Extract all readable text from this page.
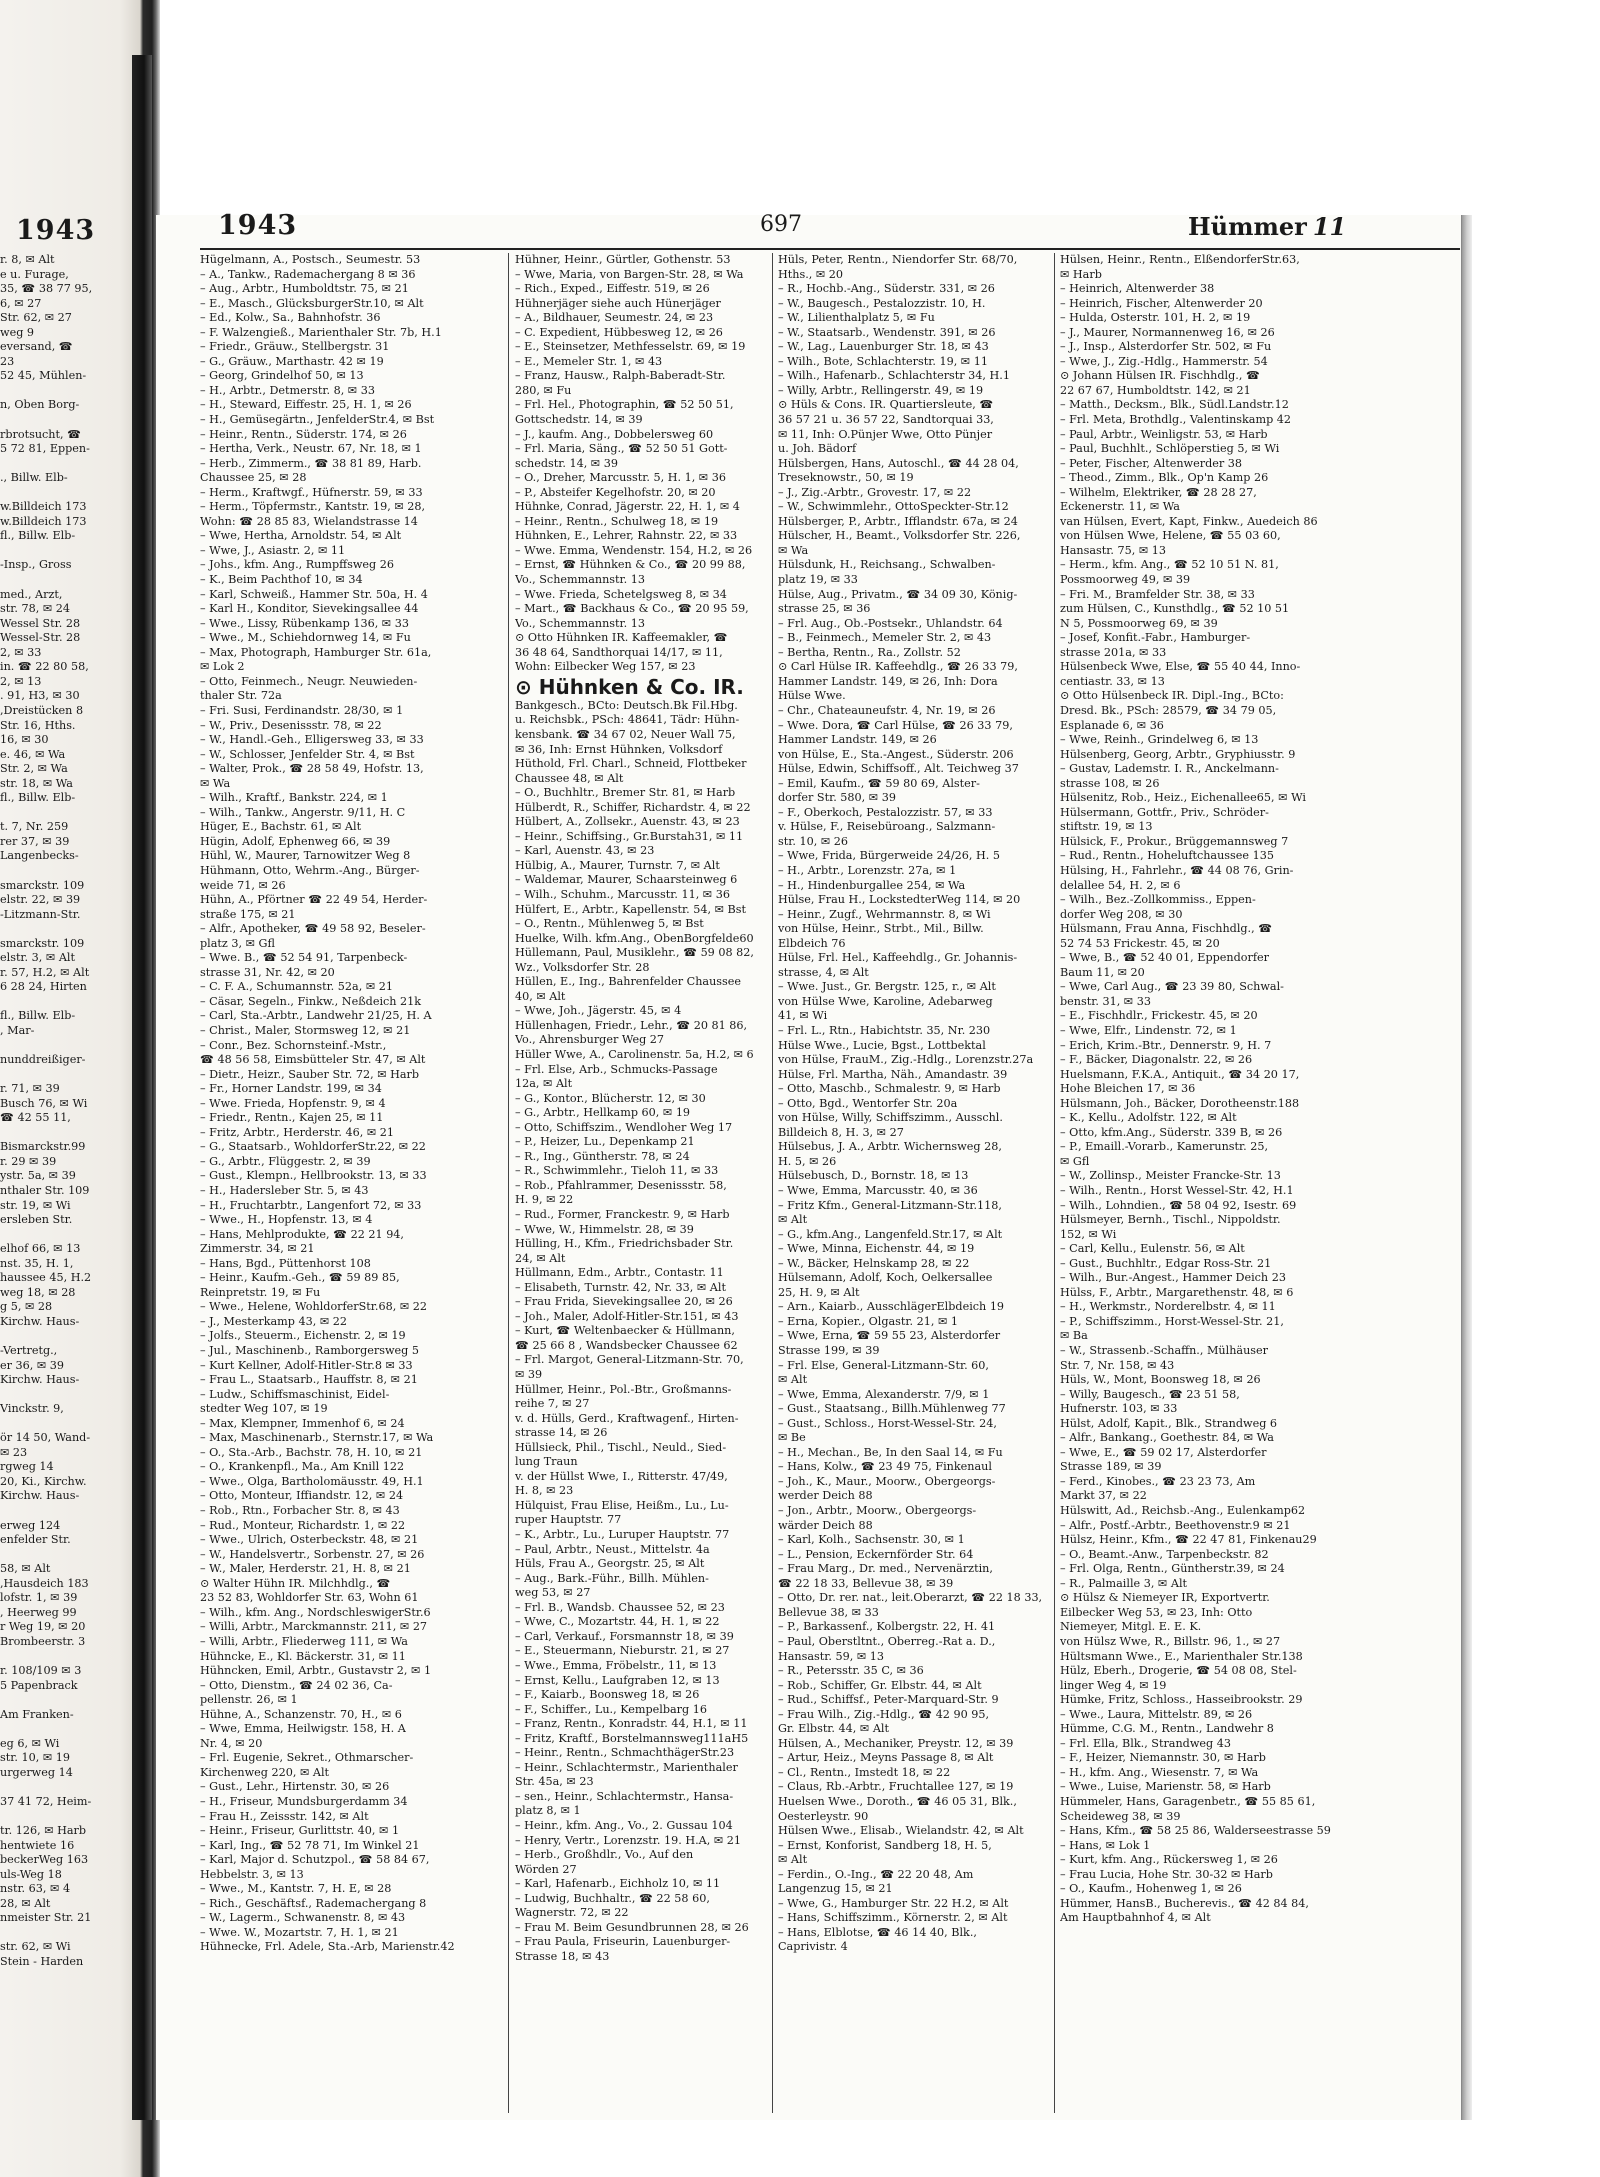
1943
r. 8, ✉ Alt
e u. Furage,
35, ☎ 38 77 95,
6, ✉ 27
Str. 62, ✉ 27
weg 9
eversand, ☎
23
52 45, Mühlen-
n, Oben Borg-
rbrotsucht, ☎
5 72 81, Eppen-
., Billw. Elb-
w.Billdeich 173
w.Billdeich 173
fl., Billw. Elb-
-Insp., Gross
med., Arzt,
str. 78, ✉ 24
Wessel Str. 28
Wessel-Str. 28
2, ✉ 33
in. ☎ 22 80 58,
2, ✉ 13
. 91, H3, ✉ 30
,Dreistücken 8
Str. 16, Hths.
16, ✉ 30
e. 46, ✉ Wa
Str. 2, ✉ Wa
str. 18, ✉ Wa
fl., Billw. Elb-
t. 7, Nr. 259
rer 37, ✉ 39
Langenbecks-
smarckstr. 109
elstr. 22, ✉ 39
-Litzmann-Str.
smarckstr. 109
elstr. 3, ✉ Alt
r. 57, H.2, ✉ Alt
6 28 24, Hirten
fl., Billw. Elb-
, Mar-
nunddreißiger-
r. 71, ✉ 39
Busch 76, ✉ Wi
☎ 42 55 11,
Bismarckstr.99
r. 29 ✉ 39
ystr. 5a, ✉ 39
nthaler Str. 109
str. 19, ✉ Wi
ersleben Str.
elhof 66, ✉ 13
nst. 35, H. 1,
haussee 45, H.2
weg 18, ✉ 28
g 5, ✉ 28
Kirchw. Haus-
-Vertretg.,
er 36, ✉ 39
Kirchw. Haus-
Vinckstr. 9,
ör 14 50, Wand-
✉ 23
rgweg 14
20, Ki., Kirchw.
Kirchw. Haus-
erweg 124
enfelder Str.
58, ✉ Alt
,Hausdeich 183
lofstr. 1, ✉ 39
, Heerweg 99
r Weg 19, ✉ 20
Brombeerstr. 3
r. 108/109 ✉ 3
5 Papenbrack
Am Franken-
eg 6, ✉ Wi
str. 10, ✉ 19
urgerweg 14
37 41 72, Heim-
tr. 126, ✉ Harb
hentwiete 16
beckerWeg 163
uls-Weg 18
nstr. 63, ✉ 4
28, ✉ Alt
nmeister Str. 21
str. 62, ✉ Wi
Stein - Harden
1943	697	Hümmer 11
Hügelmann, A., Postsch., Seumestr. 53
– A., Tankw., Rademachergang 8 ✉ 36
– Aug., Arbtr., Humboldtstr. 75, ✉ 21
– E., Masch., GlücksburgerStr.10, ✉ Alt
– Ed., Kolw., Sa., Bahnhofstr. 36
– F. Walzengieß., Marienthaler Str. 7b, H.1
– Friedr., Gräuw., Stellbergstr. 31
– G., Gräuw., Marthastr. 42 ✉ 19
– Georg, Grindelhof 50, ✉ 13
– H., Arbtr., Detmerstr. 8, ✉ 33
– H., Steward, Eiffestr. 25, H. 1, ✉ 26
– H., Gemüsegärtn., JenfelderStr.4, ✉ Bst
– Heinr., Rentn., Süderstr. 174, ✉ 26
– Hertha, Verk., Neustr. 67, Nr. 18, ✉ 1
– Herb., Zimmerm., ☎ 38 81 89, Harb.
Chaussee 25, ✉ 28
– Herm., Kraftwgf., Hüfnerstr. 59, ✉ 33
– Herm., Töpfermstr., Kantstr. 19, ✉ 28,
Wohn: ☎ 28 85 83, Wielandstrasse 14
– Wwe, Hertha, Arnoldstr. 54, ✉ Alt
– Wwe, J., Asiastr. 2, ✉ 11
– Johs., kfm. Ang., Rumpffsweg 26
– K., Beim Pachthof 10, ✉ 34
– Karl, Schweiß., Hammer Str. 50a, H. 4
– Karl H., Konditor, Sievekingsallee 44
– Wwe., Lissy, Rübenkamp 136, ✉ 33
– Wwe., M., Schiehdornweg 14, ✉ Fu
– Max, Photograph, Hamburger Str. 61a,
✉ Lok 2
– Otto, Feinmech., Neugr. Neuwieden-
thaler Str. 72a
– Fri. Susi, Ferdinandstr. 28/30, ✉ 1
– W., Priv., Desenissstr. 78, ✉ 22
– W., Handl.-Geh., Elligersweg 33, ✉ 33
– W., Schlosser, Jenfelder Str. 4, ✉ Bst
– Walter, Prok., ☎ 28 58 49, Hofstr. 13,
✉ Wa
– Wilh., Kraftf., Bankstr. 224, ✉ 1
– Wilh., Tankw., Angerstr. 9/11, H. C
Hüger, E., Bachstr. 61, ✉ Alt
Hügin, Adolf, Ephenweg 66, ✉ 39
Hühl, W., Maurer, Tarnowitzer Weg 8
Hühmann, Otto, Wehrm.-Ang., Bürger-
weide 71, ✉ 26
Hühn, A., Pförtner ☎ 22 49 54, Herder-
straße 175, ✉ 21
– Alfr., Apotheker, ☎ 49 58 92, Beseler-
platz 3, ✉ Gfl
– Wwe. B., ☎ 52 54 91, Tarpenbeck-
strasse 31, Nr. 42, ✉ 20
– C. F. A., Schumannstr. 52a, ✉ 21
– Cäsar, Segeln., Finkw., Neßdeich 21k
– Carl, Sta.-Arbtr., Landwehr 21/25, H. A
– Christ., Maler, Stormsweg 12, ✉ 21
– Conr., Bez. Schornsteinf.-Mstr.,
☎ 48 56 58, Eimsbütteler Str. 47, ✉ Alt
– Dietr., Heizr., Sauber Str. 72, ✉ Harb
– Fr., Horner Landstr. 199, ✉ 34
– Wwe. Frieda, Hopfenstr. 9, ✉ 4
– Friedr., Rentn., Kajen 25, ✉ 11
– Fritz, Arbtr., Herderstr. 46, ✉ 21
– G., Staatsarb., WohldorferStr.22, ✉ 22
– G., Arbtr., Flüggestr. 2, ✉ 39
– Gust., Klempn., Hellbrookstr. 13, ✉ 33
– H., Hadersleber Str. 5, ✉ 43
– H., Fruchtarbtr., Langenfort 72, ✉ 33
– Wwe., H., Hopfenstr. 13, ✉ 4
– Hans, Mehlprodukte, ☎ 22 21 94,
Zimmerstr. 34, ✉ 21
– Hans, Bgd., Püttenhorst 108
– Heinr., Kaufm.-Geh., ☎ 59 89 85,
Reinpretstr. 19, ✉ Fu
– Wwe., Helene, WohldorferStr.68, ✉ 22
– J., Mesterkamp 43, ✉ 22
– Jolfs., Steuerm., Eichenstr. 2, ✉ 19
– Jul., Maschinenb., Ramborgersweg 5
– Kurt Kellner, Adolf-Hitler-Str.8 ✉ 33
– Frau L., Staatsarb., Hauffstr. 8, ✉ 21
– Ludw., Schiffsmaschinist, Eidel-
stedter Weg 107, ✉ 19
– Max, Klempner, Immenhof 6, ✉ 24
– Max, Maschinenarb., Sternstr.17, ✉ Wa
– O., Sta.-Arb., Bachstr. 78, H. 10, ✉ 21
– O., Krankenpfl., Ma., Am Knill 122
– Wwe., Olga, Bartholomäusstr. 49, H.1
– Otto, Monteur, Iffiandstr. 12, ✉ 24
– Rob., Rtn., Forbacher Str. 8, ✉ 43
– Rud., Monteur, Richardstr. 1, ✉ 22
– Wwe., Ulrich, Osterbeckstr. 48, ✉ 21
– W., Handelsvertr., Sorbenstr. 27, ✉ 26
– W., Maler, Herderstr. 21, H. 8, ✉ 21
⊙ Walter Hühn IR. Milchhdlg., ☎
23 52 83, Wohldorfer Str. 63, Wohn 61
– Wilh., kfm. Ang., NordschleswigerStr.6
– Willi, Arbtr., Marckmannstr. 211, ✉ 27
– Willi, Arbtr., Fliederweg 111, ✉ Wa
Hühncke, E., Kl. Bäckerstr. 31, ✉ 11
Hühncken, Emil, Arbtr., Gustavstr 2, ✉ 1
– Otto, Dienstm., ☎ 24 02 36, Ca-
pellenstr. 26, ✉ 1
Hühne, A., Schanzenstr. 70, H., ✉ 6
– Wwe, Emma, Heilwigstr. 158, H. A
Nr. 4, ✉ 20
– Frl. Eugenie, Sekret., Othmarscher-
Kirchenweg 220, ✉ Alt
– Gust., Lehr., Hirtenstr. 30, ✉ 26
– H., Friseur, Mundsburgerdamm 34
– Frau H., Zeissstr. 142, ✉ Alt
– Heinr., Friseur, Gurlittstr. 40, ✉ 1
– Karl, Ing., ☎ 52 78 71, Im Winkel 21
– Karl, Major d. Schutzpol., ☎ 58 84 67,
Hebbelstr. 3, ✉ 13
– Wwe., M., Kantstr. 7, H. E, ✉ 28
– Rich., Geschäftsf., Rademachergang 8
– W., Lagerm., Schwanenstr. 8, ✉ 43
– Wwe. W., Mozartstr. 7, H. 1, ✉ 21
Hühnecke, Frl. Adele, Sta.-Arb, Marienstr.42
Hühner, Heinr., Gürtler, Gothenstr. 53
– Wwe, Maria, von Bargen-Str. 28, ✉ Wa
– Rich., Exped., Eiffestr. 519, ✉ 26
Hühnerjäger siehe auch Hünerjäger
– A., Bildhauer, Seumestr. 24, ✉ 23
– C. Expedient, Hübbesweg 12, ✉ 26
– E., Steinsetzer, Methfesselstr. 69, ✉ 19
– E., Memeler Str. 1, ✉ 43
– Franz, Hausw., Ralph-Baberadt-Str.
280, ✉ Fu
– Frl. Hel., Photographin, ☎ 52 50 51,
Gottschedstr. 14, ✉ 39
– J., kaufm. Ang., Dobbelersweg 60
– Frl. Maria, Säng., ☎ 52 50 51 Gott-
schedstr. 14, ✉ 39
– O., Dreher, Marcusstr. 5, H. 1, ✉ 36
– P., Absteifer Kegelhofstr. 20, ✉ 20
Hühnke, Conrad, Jägerstr. 22, H. 1, ✉ 4
– Heinr., Rentn., Schulweg 18, ✉ 19
Hühnken, E., Lehrer, Rahnstr. 22, ✉ 33
– Wwe. Emma, Wendenstr. 154, H.2, ✉ 26
– Ernst, ☎ Hühnken & Co., ☎ 20 99 88,
Vo., Schemmannstr. 13
– Wwe. Frieda, Schetelgsweg 8, ✉ 34
– Mart., ☎ Backhaus & Co., ☎ 20 95 59,
Vo., Schemmannstr. 13
⊙ Otto Hühnken IR. Kaffeemakler, ☎
36 48 64, Sandthorquai 14/17, ✉ 11,
Wohn: Eilbecker Weg 157, ✉ 23
⊙ Hühnken & Co. IR.
Bankgesch., BCto: Deutsch.Bk Fil.Hbg.
u. Reichsbk., PSch: 48641, Tädr: Hühn-
kensbank. ☎ 34 67 02, Neuer Wall 75,
✉ 36, Inh: Ernst Hühnken, Volksdorf
Hüthold, Frl. Charl., Schneid, Flottbeker
Chaussee 48, ✉ Alt
– O., Buchhltr., Bremer Str. 81, ✉ Harb
Hülberdt, R., Schiffer, Richardstr. 4, ✉ 22
Hülbert, A., Zollsekr., Auenstr. 43, ✉ 23
– Heinr., Schiffsing., Gr.Burstah31, ✉ 11
– Karl, Auenstr. 43, ✉ 23
Hülbig, A., Maurer, Turnstr. 7, ✉ Alt
– Waldemar, Maurer, Schaarsteinweg 6
– Wilh., Schuhm., Marcusstr. 11, ✉ 36
Hülfert, E., Arbtr., Kapellenstr. 54, ✉ Bst
– O., Rentn., Mühlenweg 5, ✉ Bst
Huelke, Wilh. kfm.Ang., ObenBorgfelde60
Hüllemann, Paul, Musiklehr., ☎ 59 08 82,
Wz., Volksdorfer Str. 28
Hüllen, E., Ing., Bahrenfelder Chaussee
40, ✉ Alt
– Wwe, Joh., Jägerstr. 45, ✉ 4
Hüllenhagen, Friedr., Lehr., ☎ 20 81 86,
Vo., Ahrensburger Weg 27
Hüller Wwe, A., Carolinenstr. 5a, H.2, ✉ 6
– Frl. Else, Arb., Schmucks-Passage
12a, ✉ Alt
– G., Kontor., Blücherstr. 12, ✉ 30
– G., Arbtr., Hellkamp 60, ✉ 19
– Otto, Schiffszim., Wendloher Weg 17
– P., Heizer, Lu., Depenkamp 21
– R., Ing., Güntherstr. 78, ✉ 24
– R., Schwimmlehr., Tieloh 11, ✉ 33
– Rob., Pfahlrammer, Desenissstr. 58,
H. 9, ✉ 22
– Rud., Former, Franckestr. 9, ✉ Harb
– Wwe, W., Himmelstr. 28, ✉ 39
Hülling, H., Kfm., Friedrichsbader Str.
24, ✉ Alt
Hüllmann, Edm., Arbtr., Contastr. 11
– Elisabeth, Turnstr. 42, Nr. 33, ✉ Alt
– Frau Frida, Sievekingsallee 20, ✉ 26
– Joh., Maler, Adolf-Hitler-Str.151, ✉ 43
– Kurt, ☎ Weltenbaecker & Hüllmann,
☎ 25 66 8 , Wandsbecker Chaussee 62
– Frl. Margot, General-Litzmann-Str. 70,
✉ 39
Hüllmer, Heinr., Pol.-Btr., Großmanns-
reihe 7, ✉ 27
v. d. Hülls, Gerd., Kraftwagenf., Hirten-
strasse 14, ✉ 26
Hüllsieck, Phil., Tischl., Neuld., Sied-
lung Traun
v. der Hüllst Wwe, I., Ritterstr. 47/49,
H. 8, ✉ 23
Hülquist, Frau Elise, Heißm., Lu., Lu-
ruper Hauptstr. 77
– K., Arbtr., Lu., Luruper Hauptstr. 77
– Paul, Arbtr., Neust., Mittelstr. 4a
Hüls, Frau A., Georgstr. 25, ✉ Alt
– Aug., Bark.-Führ., Billh. Mühlen-
weg 53, ✉ 27
– Frl. B., Wandsb. Chaussee 52, ✉ 23
– Wwe, C., Mozartstr. 44, H. 1, ✉ 22
– Carl, Verkauf., Forsmannstr 18, ✉ 39
– E., Steuermann, Nieburstr. 21, ✉ 27
– Wwe., Emma, Fröbelstr., 11, ✉ 13
– Ernst, Kellu., Laufgraben 12, ✉ 13
– F., Kaiarb., Boonsweg 18, ✉ 26
– F., Schiffer., Lu., Kempelbarg 16
– Franz, Rentn., Konradstr. 44, H.1, ✉ 11
– Fritz, Kraftf., Borstelmannsweg111aH5
– Heinr., Rentn., SchmachthägerStr.23
– Heinr., Schlachtermstr., Marienthaler
Str. 45a, ✉ 23
– sen., Heinr., Schlachtermstr., Hansa-
platz 8, ✉ 1
– Heinr., kfm. Ang., Vo., 2. Gussau 104
– Henry, Vertr., Lorenzstr. 19. H.A, ✉ 21
– Herb., Großhdlr., Vo., Auf den
Wörden 27
– Karl, Hafenarb., Eichholz 10, ✉ 11
– Ludwig, Buchhaltr., ☎ 22 58 60,
Wagnerstr. 72, ✉ 22
– Frau M. Beim Gesundbrunnen 28, ✉ 26
– Frau Paula, Friseurin, Lauenburger-
Strasse 18, ✉ 43
Hüls, Peter, Rentn., Niendorfer Str. 68/70,
Hths., ✉ 20
– R., Hochb.-Ang., Süderstr. 331, ✉ 26
– W., Baugesch., Pestalozzistr. 10, H.
– W., Lilienthalplatz 5, ✉ Fu
– W., Staatsarb., Wendenstr. 391, ✉ 26
– W., Lag., Lauenburger Str. 18, ✉ 43
– Wilh., Bote, Schlachterstr. 19, ✉ 11
– Wilh., Hafenarb., Schlachterstr 34, H.1
– Willy, Arbtr., Rellingerstr. 49, ✉ 19
⊙ Hüls & Cons. IR. Quartiersleute, ☎
36 57 21 u. 36 57 22, Sandtorquai 33,
✉ 11, Inh: O.Pünjer Wwe, Otto Pünjer
u. Joh. Bädorf
Hülsbergen, Hans, Autoschl., ☎ 44 28 04,
Treseknowstr., 50, ✉ 19
– J., Zig.-Arbtr., Grovestr. 17, ✉ 22
– W., Schwimmlehr., OttoSpeckter-Str.12
Hülsberger, P., Arbtr., Ifflandstr. 67a, ✉ 24
Hülscher, H., Beamt., Volksdorfer Str. 226,
✉ Wa
Hülsdunk, H., Reichsang., Schwalben-
platz 19, ✉ 33
Hülse, Aug., Privatm., ☎ 34 09 30, König-
strasse 25, ✉ 36
– Frl. Aug., Ob.-Postsekr., Uhlandstr. 64
– B., Feinmech., Memeler Str. 2, ✉ 43
– Bertha, Rentn., Ra., Zollstr. 52
⊙ Carl Hülse IR. Kaffeehdlg., ☎ 26 33 79,
Hammer Landstr. 149, ✉ 26, Inh: Dora
Hülse Wwe.
– Chr., Chateauneufstr. 4, Nr. 19, ✉ 26
– Wwe. Dora, ☎ Carl Hülse, ☎ 26 33 79,
Hammer Landstr. 149, ✉ 26
von Hülse, E., Sta.-Angest., Süderstr. 206
Hülse, Edwin, Schiffsoff., Alt. Teichweg 37
– Emil, Kaufm., ☎ 59 80 69, Alster-
dorfer Str. 580, ✉ 39
– F., Oberkoch, Pestalozzistr. 57, ✉ 33
v. Hülse, F., Reisebüroang., Salzmann-
str. 10, ✉ 26
– Wwe, Frida, Bürgerweide 24/26, H. 5
– H., Arbtr., Lorenzstr. 27a, ✉ 1
– H., Hindenburgallee 254, ✉ Wa
Hülse, Frau H., LockstedterWeg 114, ✉ 20
– Heinr., Zugf., Wehrmannstr. 8, ✉ Wi
von Hülse, Heinr., Strbt., Mil., Billw.
Elbdeich 76
Hülse, Frl. Hel., Kaffeehdlg., Gr. Johannis-
strasse, 4, ✉ Alt
– Wwe. Just., Gr. Bergstr. 125, r., ✉ Alt
von Hülse Wwe, Karoline, Adebarweg
41, ✉ Wi
– Frl. L., Rtn., Habichtstr. 35, Nr. 230
Hülse Wwe., Lucie, Bgst., Lottbektal
von Hülse, FrauM., Zig.-Hdlg., Lorenzstr.27a
Hülse, Frl. Martha, Näh., Amandastr. 39
– Otto, Maschb., Schmalestr. 9, ✉ Harb
– Otto, Bgd., Wentorfer Str. 20a
von Hülse, Willy, Schiffszimm., Ausschl.
Billdeich 8, H. 3, ✉ 27
Hülsebus, J. A., Arbtr. Wichernsweg 28,
H. 5, ✉ 26
Hülsebusch, D., Bornstr. 18, ✉ 13
– Wwe, Emma, Marcusstr. 40, ✉ 36
– Fritz Kfm., General-Litzmann-Str.118,
✉ Alt
– G., kfm.Ang., Langenfeld.Str.17, ✉ Alt
– Wwe, Minna, Eichenstr. 44, ✉ 19
– W., Bäcker, Helnskamp 28, ✉ 22
Hülsemann, Adolf, Koch, Oelkersallee
25, H. 9, ✉ Alt
– Arn., Kaiarb., AusschlägerElbdeich 19
– Erna, Kopier., Olgastr. 21, ✉ 1
– Wwe, Erna, ☎ 59 55 23, Alsterdorfer
Strasse 199, ✉ 39
– Frl. Else, General-Litzmann-Str. 60,
✉ Alt
– Wwe, Emma, Alexanderstr. 7/9, ✉ 1
– Gust., Staatsang., Billh.Mühlenweg 77
– Gust., Schloss., Horst-Wessel-Str. 24,
✉ Be
– H., Mechan., Be, In den Saal 14, ✉ Fu
– Hans, Kolw., ☎ 23 49 75, Finkenaul
– Joh., K., Maur., Moorw., Obergeorgs-
werder Deich 88
– Jon., Arbtr., Moorw., Obergeorgs-
wärder Deich 88
– Karl, Kolh., Sachsenstr. 30, ✉ 1
– L., Pension, Eckernförder Str. 64
– Frau Marg., Dr. med., Nervenärztin,
☎ 22 18 33, Bellevue 38, ✉ 39
– Otto, Dr. rer. nat., leit.Oberarzt, ☎ 22 18 33,
Bellevue 38, ✉ 33
– P., Barkassenf., Kolbergstr. 22, H. 41
– Paul, Oberstltnt., Oberreg.-Rat a. D.,
Hansastr. 59, ✉ 13
– R., Petersstr. 35 C, ✉ 36
– Rob., Schiffer, Gr. Elbstr. 44, ✉ Alt
– Rud., Schiffsf., Peter-Marquard-Str. 9
– Frau Wilh., Zig.-Hdlg., ☎ 42 90 95,
Gr. Elbstr. 44, ✉ Alt
Hülsen, A., Mechaniker, Preystr. 12, ✉ 39
– Artur, Heiz., Meyns Passage 8, ✉ Alt
– Cl., Rentn., Imstedt 18, ✉ 22
– Claus, Rb.-Arbtr., Fruchtallee 127, ✉ 19
Huelsen Wwe., Doroth., ☎ 46 05 31, Blk.,
Oesterleystr. 90
Hülsen Wwe., Elisab., Wielandstr. 42, ✉ Alt
– Ernst, Konforist, Sandberg 18, H. 5,
✉ Alt
– Ferdin., O.-Ing., ☎ 22 20 48, Am
Langenzug 15, ✉ 21
– Wwe, G., Hamburger Str. 22 H.2, ✉ Alt
– Hans, Schiffszimm., Körnerstr. 2, ✉ Alt
– Hans, Elblotse, ☎ 46 14 40, Blk.,
Caprivistr. 4
Hülsen, Heinr., Rentn., ElßendorferStr.63,
✉ Harb
– Heinrich, Altenwerder 38
– Heinrich, Fischer, Altenwerder 20
– Hulda, Osterstr. 101, H. 2, ✉ 19
– J., Maurer, Normannenweg 16, ✉ 26
– J., Insp., Alsterdorfer Str. 502, ✉ Fu
– Wwe, J., Zig.-Hdlg., Hammerstr. 54
⊙ Johann Hülsen IR. Fischhdlg., ☎
22 67 67, Humboldtstr. 142, ✉ 21
– Matth., Decksm., Blk., Südl.Landstr.12
– Frl. Meta, Brothdlg., Valentinskamp 42
– Paul, Arbtr., Weinligstr. 53, ✉ Harb
– Paul, Buchhlt., Schlöperstieg 5, ✉ Wi
– Peter, Fischer, Altenwerder 38
– Theod., Zimm., Blk., Op'n Kamp 26
– Wilhelm, Elektriker, ☎ 28 28 27,
Eckenerstr. 11, ✉ Wa
van Hülsen, Evert, Kapt, Finkw., Auedeich 86
von Hülsen Wwe, Helene, ☎ 55 03 60,
Hansastr. 75, ✉ 13
– Herm., kfm. Ang., ☎ 52 10 51 N. 81,
Possmoorweg 49, ✉ 39
– Fri. M., Bramfelder Str. 38, ✉ 33
zum Hülsen, C., Kunsthdlg., ☎ 52 10 51
N 5, Possmoorweg 69, ✉ 39
– Josef, Konfit.-Fabr., Hamburger-
strasse 201a, ✉ 33
Hülsenbeck Wwe, Else, ☎ 55 40 44, Inno-
centiastr. 33, ✉ 13
⊙ Otto Hülsenbeck IR. Dipl.-Ing., BCto:
Dresd. Bk., PSch: 28579, ☎ 34 79 05,
Esplanade 6, ✉ 36
– Wwe, Reinh., Grindelweg 6, ✉ 13
Hülsenberg, Georg, Arbtr., Gryphiusstr. 9
– Gustav, Lademstr. I. R., Anckelmann-
strasse 108, ✉ 26
Hülsenitz, Rob., Heiz., Eichenallee65, ✉ Wi
Hülsermann, Gottfr., Priv., Schröder-
stiftstr. 19, ✉ 13
Hülsick, F., Prokur., Brüggemannsweg 7
– Rud., Rentn., Hoheluftchaussee 135
Hülsing, H., Fahrlehr., ☎ 44 08 76, Grin-
delallee 54, H. 2, ✉ 6
– Wilh., Bez.-Zollkommiss., Eppen-
dorfer Weg 208, ✉ 30
Hülsmann, Frau Anna, Fischhdlg., ☎
52 74 53 Frickestr. 45, ✉ 20
– Wwe, B., ☎ 52 40 01, Eppendorfer
Baum 11, ✉ 20
– Wwe, Carl Aug., ☎ 23 39 80, Schwal-
benstr. 31, ✉ 33
– E., Fischhdlr., Frickestr. 45, ✉ 20
– Wwe, Elfr., Lindenstr. 72, ✉ 1
– Erich, Krim.-Btr., Dennerstr. 9, H. 7
– F., Bäcker, Diagonalstr. 22, ✉ 26
Huelsmann, F.K.A., Antiquit., ☎ 34 20 17,
Hohe Bleichen 17, ✉ 36
Hülsmann, Joh., Bäcker, Dorotheenstr.188
– K., Kellu., Adolfstr. 122, ✉ Alt
– Otto, kfm.Ang., Süderstr. 339 B, ✉ 26
– P., Emaill.-Vorarb., Kamerunstr. 25,
✉ Gfl
– W., Zollinsp., Meister Francke-Str. 13
– Wilh., Rentn., Horst Wessel-Str. 42, H.1
– Wilh., Lohndien., ☎ 58 04 92, Isestr. 69
Hülsmeyer, Bernh., Tischl., Nippoldstr.
152, ✉ Wi
– Carl, Kellu., Eulenstr. 56, ✉ Alt
– Gust., Buchhltr., Edgar Ross-Str. 21
– Wilh., Bur.-Angest., Hammer Deich 23
Hülss, F., Arbtr., Margarethenstr. 48, ✉ 6
– H., Werkmstr., Norderelbstr. 4, ✉ 11
– P., Schiffszimm., Horst-Wessel-Str. 21,
✉ Ba
– W., Strassenb.-Schaffn., Mülhäuser
Str. 7, Nr. 158, ✉ 43
Hüls, W., Mont, Boonsweg 18, ✉ 26
– Willy, Baugesch., ☎ 23 51 58,
Hufnerstr. 103, ✉ 33
Hülst, Adolf, Kapit., Blk., Strandweg 6
– Alfr., Bankang., Goethestr. 84, ✉ Wa
– Wwe, E., ☎ 59 02 17, Alsterdorfer
Strasse 189, ✉ 39
– Ferd., Kinobes., ☎ 23 23 73, Am
Markt 37, ✉ 22
Hülswitt, Ad., Reichsb.-Ang., Eulenkamp62
– Alfr., Postf.-Arbtr., Beethovenstr.9 ✉ 21
Hülsz, Heinr., Kfm., ☎ 22 47 81, Finkenau29
– O., Beamt.-Anw., Tarpenbeckstr. 82
– Frl. Olga, Rentn., Güntherstr.39, ✉ 24
– R., Palmaille 3, ✉ Alt
⊙ Hülsz & Niemeyer IR, Exportvertr.
Eilbecker Weg 53, ✉ 23, Inh: Otto
Niemeyer, Mitgl. E. E. K.
von Hülsz Wwe, R., Billstr. 96, 1., ✉ 27
Hültsmann Wwe., E., Marienthaler Str.138
Hülz, Eberh., Drogerie, ☎ 54 08 08, Stel-
linger Weg 4, ✉ 19
Hümke, Fritz, Schloss., Hasseibrookstr. 29
– Wwe., Laura, Mittelstr. 89, ✉ 26
Hümme, C.G. M., Rentn., Landwehr 8
– Frl. Ella, Blk., Strandweg 43
– F., Heizer, Niemannstr. 30, ✉ Harb
– H., kfm. Ang., Wiesenstr. 7, ✉ Wa
– Wwe., Luise, Marienstr. 58, ✉ Harb
Hümmeler, Hans, Garagenbetr., ☎ 55 85 61,
Scheideweg 38, ✉ 39
– Hans, Kfm., ☎ 58 25 86, Walderseestrasse 59
– Hans, ✉ Lok 1
– Kurt, kfm. Ang., Rückersweg 1, ✉ 26
– Frau Lucia, Hohe Str. 30-32 ✉ Harb
– O., Kaufm., Hohenweg 1, ✉ 26
Hümmer, HansB., Bucherevis., ☎ 42 84 84,
Am Hauptbahnhof 4, ✉ Alt
